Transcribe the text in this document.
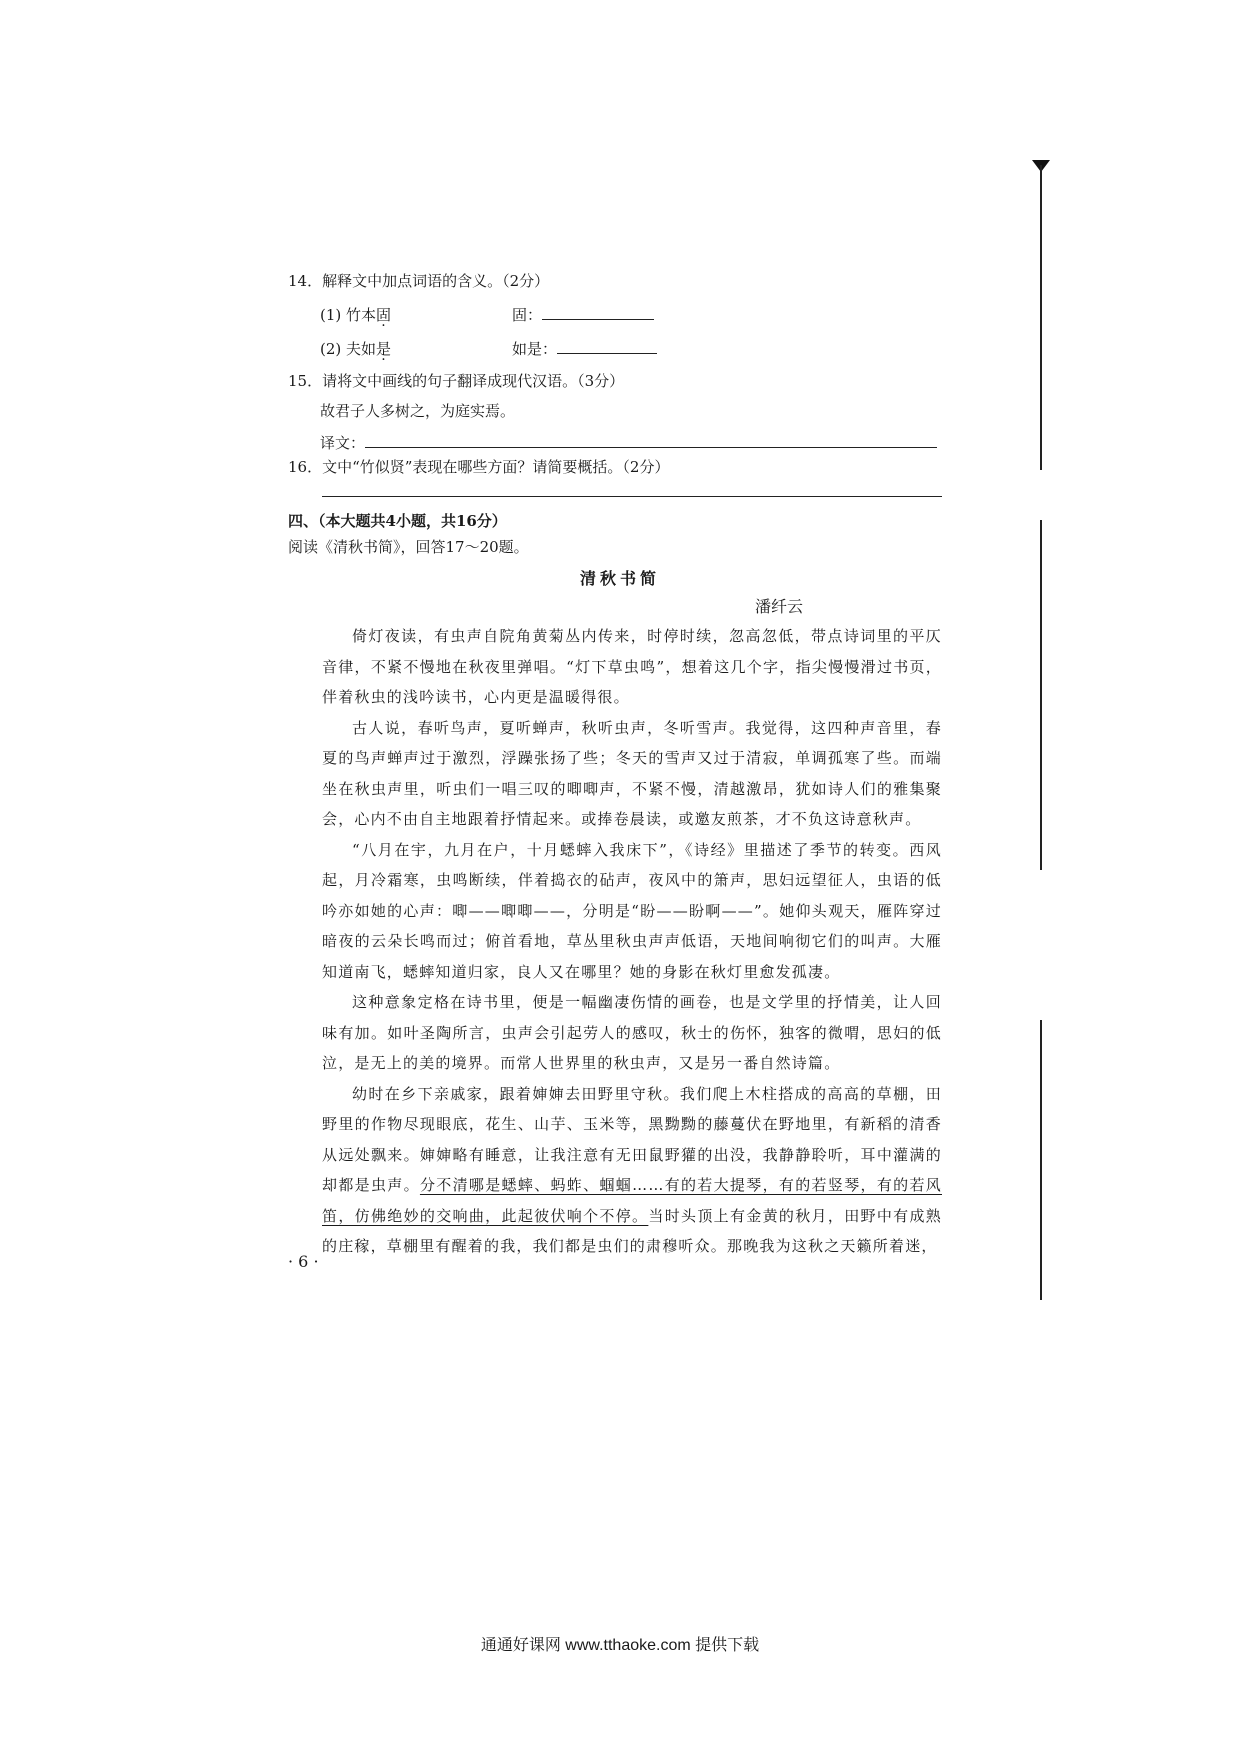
14．解释文中加点词语的含义。（2分）
(1) 竹本固	固：
(2) 夫如是	如是：
15．请将文中画线的句子翻译成现代汉语。（3分）
故君子人多树之，为庭实焉。
译文：
16．文中“竹似贤”表现在哪些方面？请简要概括。（2分）
四、（本大题共4小题，共16分）
阅读《清秋书简》，回答17～20题。
清秋书简
潘纤云

倚灯夜读，有虫声自院角黄菊丛内传来，时停时续，忽高忽低，带点诗词里的平仄音律，不紧不慢地在秋夜里弹唱。“灯下草虫鸣”，想着这几个字，指尖慢慢滑过书页，伴着秋虫的浅吟读书，心内更是温暖得很。

古人说，春听鸟声，夏听蝉声，秋听虫声，冬听雪声。我觉得，这四种声音里，春夏的鸟声蝉声过于激烈，浮躁张扬了些；冬天的雪声又过于清寂，单调孤寒了些。而端坐在秋虫声里，听虫们一唱三叹的唧唧声，不紧不慢，清越激昂，犹如诗人们的雅集聚会，心内不由自主地跟着抒情起来。或捧卷晨读，或邀友煎茶，才不负这诗意秋声。

“八月在宇，九月在户，十月蟋蟀入我床下”，《诗经》里描述了季节的转变。西风起，月冷霜寒，虫鸣断续，伴着捣衣的砧声，夜风中的箫声，思妇远望征人，虫语的低吟亦如她的心声：唧——唧唧——，分明是“盼——盼啊——”。她仰头观天，雁阵穿过暗夜的云朵长鸣而过；俯首看地，草丛里秋虫声声低语，天地间响彻它们的叫声。大雁知道南飞，蟋蟀知道归家，良人又在哪里？她的身影在秋灯里愈发孤凄。

这种意象定格在诗书里，便是一幅幽凄伤情的画卷，也是文学里的抒情美，让人回味有加。如叶圣陶所言，虫声会引起劳人的感叹，秋士的伤怀，独客的微喟，思妇的低泣，是无上的美的境界。而常人世界里的秋虫声，又是另一番自然诗篇。

幼时在乡下亲戚家，跟着婶婶去田野里守秋。我们爬上木柱搭成的高高的草棚，田野里的作物尽现眼底，花生、山芋、玉米等，黑黝黝的藤蔓伏在野地里，有新稻的清香从远处飘来。婶婶略有睡意，让我注意有无田鼠野獾的出没，我静静聆听，耳中灌满的却都是虫声。分不清哪是蟋蟀、蚂蚱、蝈蝈……有的若大提琴，有的若竖琴，有的若风笛，仿佛绝妙的交响曲，此起彼伏响个不停。当时头顶上有金黄的秋月，田野中有成熟的庄稼，草棚里有醒着的我，我们都是虫们的肃穆听众。那晚我为这秋之天籁所着迷，

· 6 ·
通通好课网 www.tthaoke.com 提供下载
